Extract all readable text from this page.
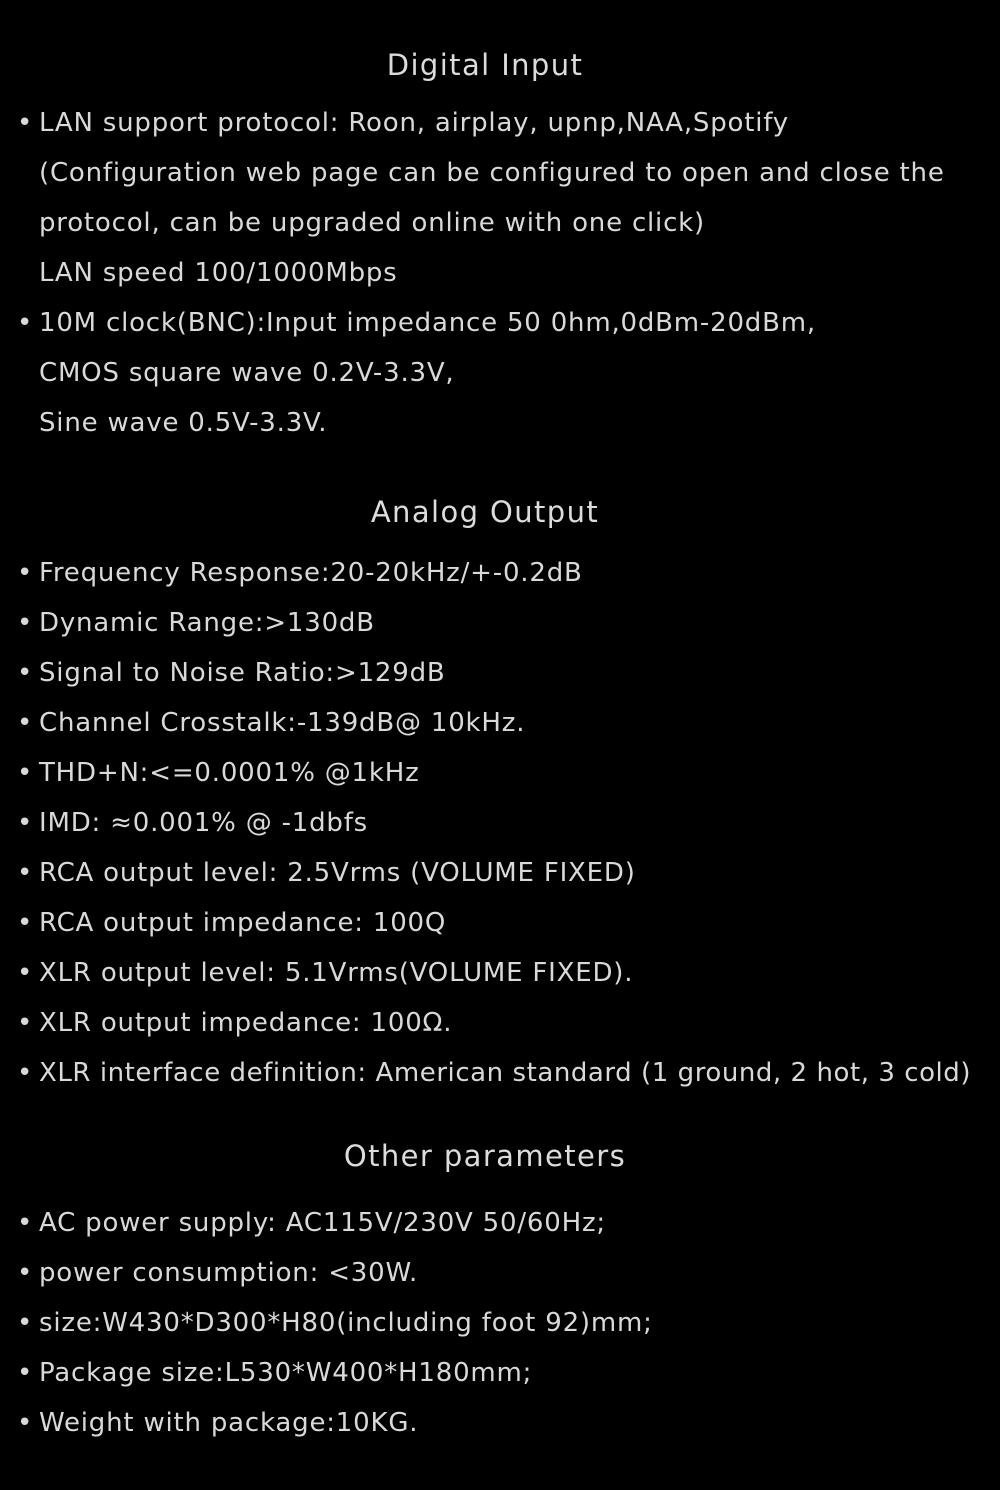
Digital Input
• LAN support protocol: Roon, airplay, upnp,NAA,Spotify
(Configuration web page can be configured to open and close the
protocol, can be upgraded online with one click)
LAN speed 100/1000Mbps
• 10M clock(BNC):Input impedance 50 0hm,0dBm-20dBm,
CMOS square wave 0.2V-3.3V,
Sine wave 0.5V-3.3V.
Analog Output
• Frequency Response:20-20kHz/+-0.2dB
• Dynamic Range:>130dB
• Signal to Noise Ratio:>129dB
• Channel Crosstalk:-139dB@ 10kHz.
• THD+N:<=0.0001% @1kHz
• IMD: ≈0.001% @ -1dbfs
• RCA output level: 2.5Vrms (VOLUME FIXED)
• RCA output impedance: 100Q
• XLR output level: 5.1Vrms(VOLUME FIXED).
• XLR output impedance: 100Ω.
• XLR interface definition: American standard (1 ground, 2 hot, 3 cold)
Other parameters
• AC power supply: AC115V/230V 50/60Hz;
• power consumption: <30W.
• size:W430*D300*H80(including foot 92)mm;
• Package size:L530*W400*H180mm;
• Weight with package:10KG.
